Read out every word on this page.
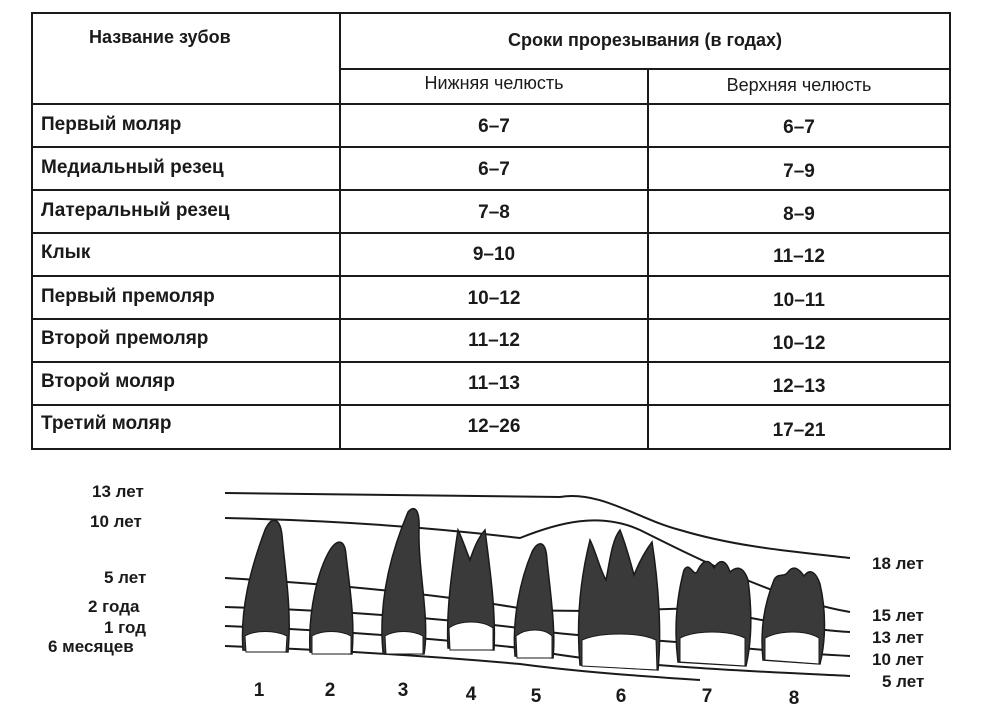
Название зубов	Сроки прорезывания (в годах)
Нижняя челюсть	Верхняя челюсть
Первый моляр	6–7	6–7
Медиальный резец	6–7	7–9
Латеральный резец	7–8	8–9
Клык	9–10	11–12
Первый премоляр	10–12	10–11
Второй премоляр	11–12	10–12
Второй моляр	11–13	12–13
Третий моляр	12–26	17–21
13 лет
10 лет
5 лет
2 года
1 год
6 месяцев
18 лет
15 лет
13 лет
10 лет
5 лет
1	2	3	4	5	6	7	8
